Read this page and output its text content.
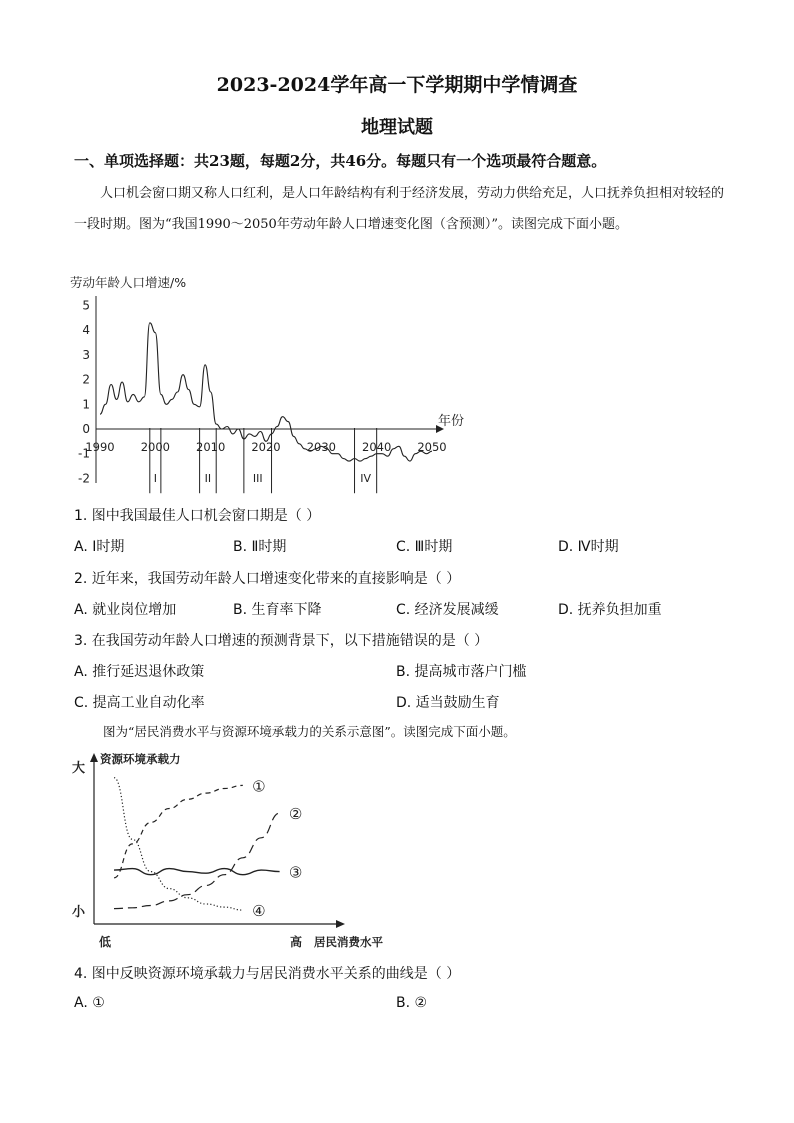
2023-2024学年高一下学期期中学情调查
地理试题
一、单项选择题：共23题，每题2分，共46分。每题只有一个选项最符合题意。
人口机会窗口期又称人口红利，是人口年龄结构有利于经济发展，劳动力供给充足，人口抚养负担相对较轻的一段时期。图为“我国1990～2050年劳动年龄人口增速变化图（含预测）”。读图完成下面小题。
劳动年龄人口增速/%
年份
5
4
3
2
1
0
-1
-2
1990 2000 2010 2020 2030 2040 2050
I	II	III	IV
1. 图中我国最佳人口机会窗口期是（ ）
A. Ⅰ时期	B. Ⅱ时期	C. Ⅲ时期	D. Ⅳ时期
2. 近年来，我国劳动年龄人口增速变化带来的直接影响是（ ）
A. 就业岗位增加	B. 生育率下降	C. 经济发展减缓	D. 抚养负担加重
3. 在我国劳动年龄人口增速的预测背景下，以下措施错误的是（ ）
A. 推行延迟退休政策	B. 提高城市落户门槛
C. 提高工业自动化率	D. 适当鼓励生育
图为“居民消费水平与资源环境承载力的关系示意图”。读图完成下面小题。
大
资源环境承载力
小
低	高 居民消费水平
①
②
③
④
4. 图中反映资源环境承载力与居民消费水平关系的曲线是（ ）
A. ①	B. ②
